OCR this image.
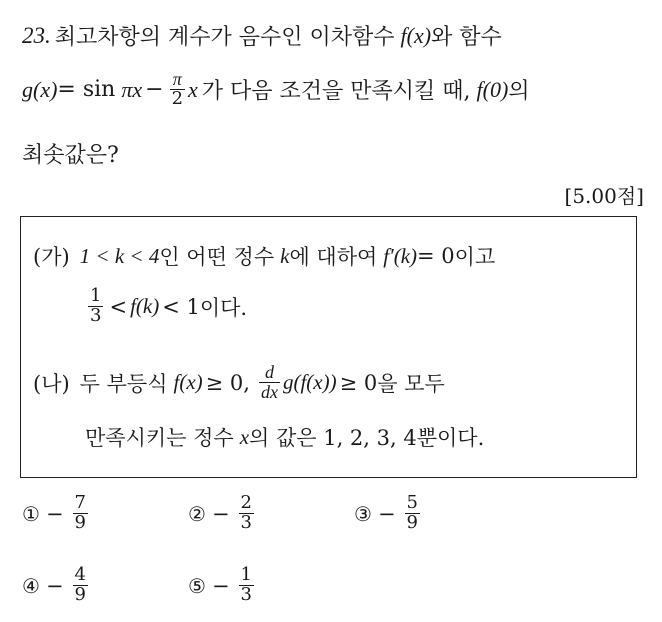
23. 최고차항의 계수가 음수인 이차함수 f(x) 와 함수
$g(x) = \sin \pi x - \frac{\pi}{2}$ x 가 다음 조건을 만족시킬 때, f(0) 의
최솟값은?
[5.00점]
(가) 1 < k < 4 인 어떤 정수 k 에 대하여 f′(k) = 0 이고
$\frac{1}{3} < f(k) < 1$ 이다.
(나) 두 부등식 f(x) ≥ 0, $\frac{d}{dx} g(f(x)) \ge 0$ 을 모두
만족시키는 정수 x 의 값은 1, 2, 3, 4뿐이다.
① − $\frac{7}{9}$	② − $\frac{2}{3}$	③ − $\frac{5}{9}$
④ − $\frac{4}{9}$	⑤ − $\frac{1}{3}$
